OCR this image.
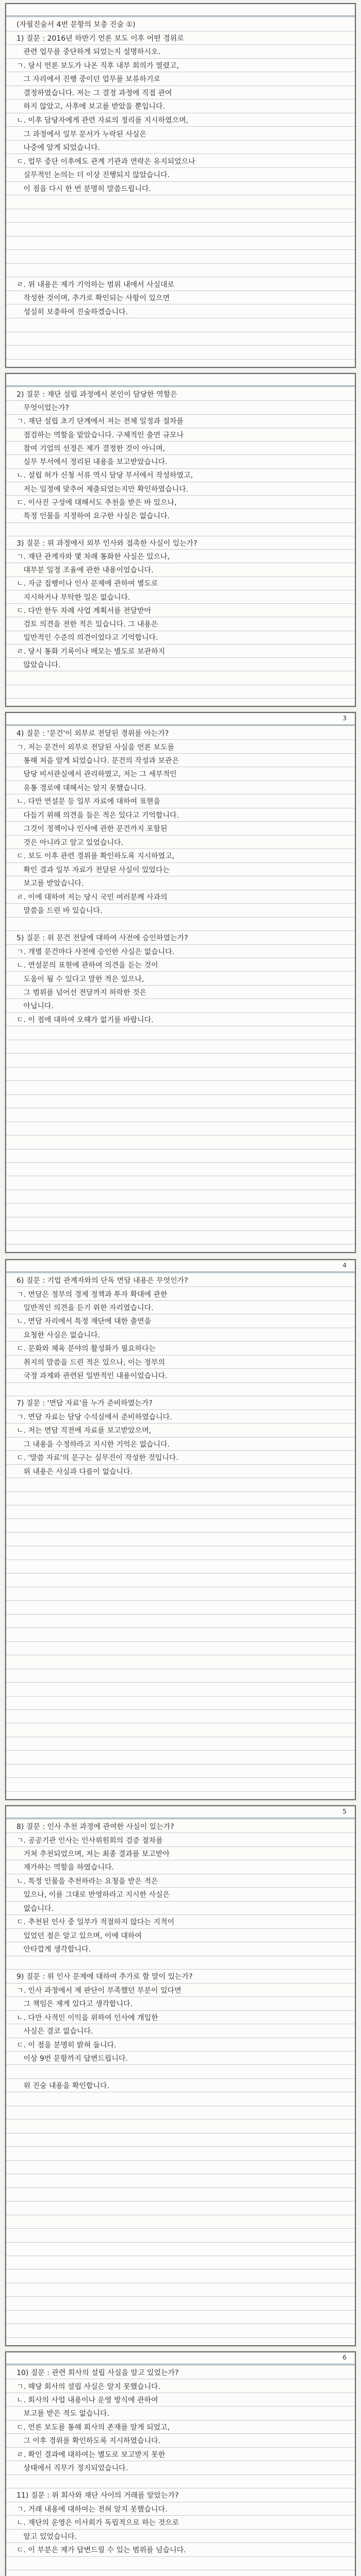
(자필진술서 4번 문항의 보충 진술 ①)
1) 질문 : 2016년 하반기 언론 보도 이후 어떤 경위로
관련 업무를 중단하게 되었는지 설명하시오.
ㄱ. 당시 언론 보도가 나온 직후 내부 회의가 열렸고,
그 자리에서 진행 중이던 업무를 보류하기로
결정하였습니다. 저는 그 결정 과정에 직접 관여
하지 않았고, 사후에 보고를 받았을 뿐입니다.
ㄴ. 이후 담당자에게 관련 자료의 정리를 지시하였으며,
그 과정에서 일부 문서가 누락된 사실은
나중에 알게 되었습니다.
ㄷ. 업무 중단 이후에도 관계 기관과 연락은 유지되었으나
실무적인 논의는 더 이상 진행되지 않았습니다.
이 점을 다시 한 번 분명히 말씀드립니다.
ㄹ. 위 내용은 제가 기억하는 범위 내에서 사실대로
작성한 것이며, 추가로 확인되는 사항이 있으면
성실히 보충하여 진술하겠습니다.
2) 질문 : 재단 설립 과정에서 본인이 담당한 역할은
무엇이었는가?
ㄱ. 재단 설립 초기 단계에서 저는 전체 일정과 절차를
점검하는 역할을 맡았습니다. 구체적인 출연 규모나
참여 기업의 선정은 제가 결정한 것이 아니며,
실무 부서에서 정리된 내용을 보고받았습니다.
ㄴ. 설립 허가 신청 서류 역시 담당 부서에서 작성하였고,
저는 일정에 맞추어 제출되었는지만 확인하였습니다.
ㄷ. 이사진 구성에 대해서도 추천을 받은 바 있으나,
특정 인물을 지정하여 요구한 사실은 없습니다.
3) 질문 : 위 과정에서 외부 인사와 접촉한 사실이 있는가?
ㄱ. 재단 관계자와 몇 차례 통화한 사실은 있으나,
대부분 일정 조율에 관한 내용이었습니다.
ㄴ. 자금 집행이나 인사 문제에 관하여 별도로
지시하거나 부탁한 일은 없습니다.
ㄷ. 다만 한두 차례 사업 계획서를 전달받아
검토 의견을 전한 적은 있습니다. 그 내용은
일반적인 수준의 의견이었다고 기억합니다.
ㄹ. 당시 통화 기록이나 메모는 별도로 보관하지
않았습니다.
3
4) 질문 : '문건'이 외부로 전달된 경위를 아는가?
ㄱ. 저는 문건이 외부로 전달된 사실을 언론 보도를
통해 처음 알게 되었습니다. 문건의 작성과 보관은
담당 비서관실에서 관리하였고, 저는 그 세부적인
유통 경로에 대해서는 알지 못했습니다.
ㄴ. 다만 연설문 등 일부 자료에 대하여 표현을
다듬기 위해 의견을 들은 적은 있다고 기억합니다.
그것이 정책이나 인사에 관한 문건까지 포함된
것은 아니라고 알고 있었습니다.
ㄷ. 보도 이후 관련 경위를 확인하도록 지시하였고,
확인 결과 일부 자료가 전달된 사실이 있었다는
보고를 받았습니다.
ㄹ. 이에 대하여 저는 당시 국민 여러분께 사과의
말씀을 드린 바 있습니다.
5) 질문 : 위 문건 전달에 대하여 사전에 승인하였는가?
ㄱ. 개별 문건마다 사전에 승인한 사실은 없습니다.
ㄴ. 연설문의 표현에 관하여 의견을 듣는 것이
도움이 될 수 있다고 말한 적은 있으나,
그 범위를 넘어선 전달까지 허락한 것은
아닙니다.
ㄷ. 이 점에 대하여 오해가 없기를 바랍니다.
4
6) 질문 : 기업 관계자와의 단독 면담 내용은 무엇인가?
ㄱ. 면담은 정부의 경제 정책과 투자 확대에 관한
일반적인 의견을 듣기 위한 자리였습니다.
ㄴ. 면담 자리에서 특정 재단에 대한 출연을
요청한 사실은 없습니다.
ㄷ. 문화와 체육 분야의 활성화가 필요하다는
취지의 말씀을 드린 적은 있으나, 이는 정부의
국정 과제와 관련된 일반적인 내용이었습니다.
7) 질문 : '면담 자료'를 누가 준비하였는가?
ㄱ. 면담 자료는 담당 수석실에서 준비하였습니다.
ㄴ. 저는 면담 직전에 자료를 보고받았으며,
그 내용을 수정하라고 지시한 기억은 없습니다.
ㄷ. '말씀 자료'의 문구는 실무진이 작성한 것입니다.
위 내용은 사실과 다름이 없습니다.
5
8) 질문 : 인사 추천 과정에 관여한 사실이 있는가?
ㄱ. 공공기관 인사는 인사위원회의 검증 절차를
거쳐 추천되었으며, 저는 최종 결과를 보고받아
재가하는 역할을 하였습니다.
ㄴ. 특정 인물을 추천하라는 요청을 받은 적은
있으나, 이를 그대로 반영하라고 지시한 사실은
없습니다.
ㄷ. 추천된 인사 중 일부가 적절하지 않다는 지적이
있었던 점은 알고 있으며, 이에 대하여
안타깝게 생각합니다.
9) 질문 : 위 인사 문제에 대하여 추가로 할 말이 있는가?
ㄱ. 인사 과정에서 제 판단이 부족했던 부분이 있다면
그 책임은 제게 있다고 생각합니다.
ㄴ. 다만 사적인 이익을 위하여 인사에 개입한
사실은 결코 없습니다.
ㄷ. 이 점을 분명히 밝혀 둡니다.
이상 9번 문항까지 답변드립니다.
위 진술 내용을 확인합니다.
6
10) 질문 : 관련 회사의 설립 사실을 알고 있었는가?
ㄱ. 해당 회사의 설립 사실은 알지 못했습니다.
ㄴ. 회사의 사업 내용이나 운영 방식에 관하여
보고를 받은 적도 없습니다.
ㄷ. 언론 보도를 통해 회사의 존재를 알게 되었고,
그 이후 경위를 확인하도록 지시하였습니다.
ㄹ. 확인 결과에 대하여는 별도로 보고받지 못한
상태에서 직무가 정지되었습니다.
11) 질문 : 위 회사와 재단 사이의 거래를 알았는가?
ㄱ. 거래 내용에 대하여는 전혀 알지 못했습니다.
ㄴ. 재단의 운영은 이사회가 독립적으로 하는 것으로
알고 있었습니다.
ㄷ. 이 부분은 제가 답변드릴 수 있는 범위를 넘습니다.
